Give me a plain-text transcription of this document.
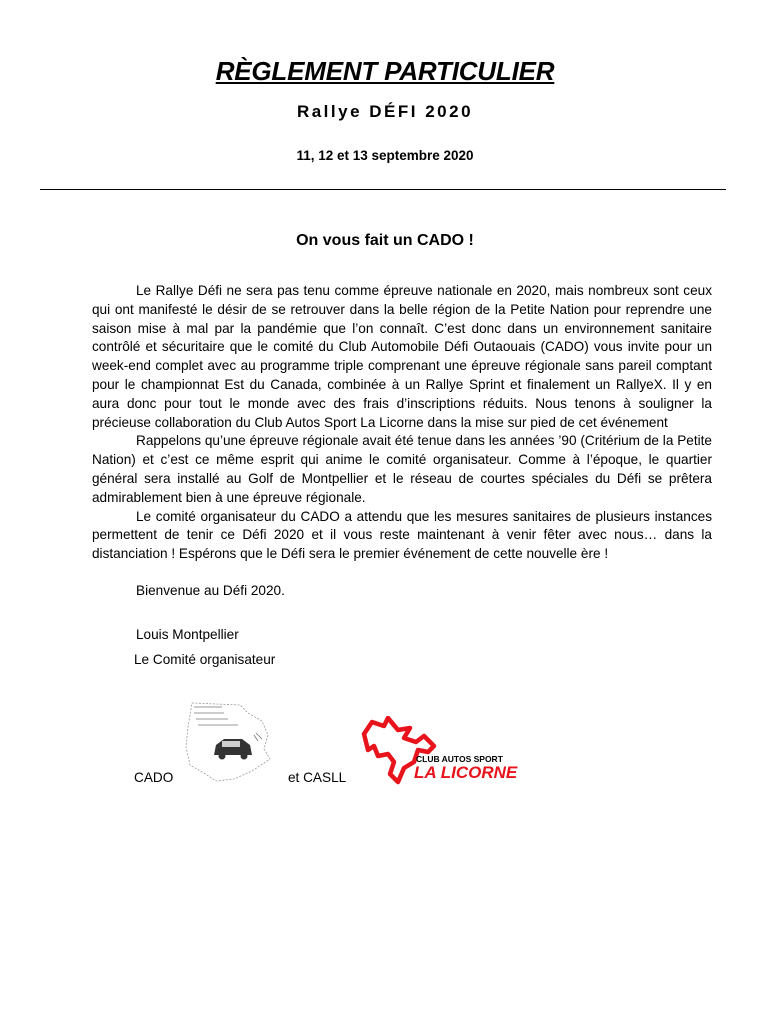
RÈGLEMENT PARTICULIER
Rallye DÉFI 2020
11, 12 et 13 septembre 2020
On vous fait un CADO !

Le Rallye Défi ne sera pas tenu comme épreuve nationale en 2020, mais nombreux sont ceux qui ont manifesté le désir de se retrouver dans la belle région de la Petite Nation pour reprendre une saison mise à mal par la pandémie que l’on connaît. C’est donc dans un environnement sanitaire contrôlé et sécuritaire que le comité du Club Automobile Défi Outaouais (CADO) vous invite pour un week-end complet avec au programme triple comprenant une épreuve régionale sans pareil comptant pour le championnat Est du Canada, combinée à un Rallye Sprint et finalement un RallyeX. Il y en aura donc pour tout le monde avec des frais d’inscriptions réduits. Nous tenons à souligner la précieuse collaboration du Club Autos Sport La Licorne dans la mise sur pied de cet événement

Rappelons qu’une épreuve régionale avait été tenue dans les années ’90 (Critérium de la Petite Nation) et c’est ce même esprit qui anime le comité organisateur. Comme à l’époque, le quartier général sera installé au Golf de Montpellier et le réseau de courtes spéciales du Défi se prêtera admirablement bien à une épreuve régionale.

Le comité organisateur du CADO a attendu que les mesures sanitaires de plusieurs instances permettent de tenir ce Défi 2020 et il vous reste maintenant à venir fêter avec nous… dans la distanciation ! Espérons que le Défi sera le premier événement de cette nouvelle ère !

Bienvenue au Défi 2020.
Louis Montpellier
Le Comité organisateur
CADO	et CASLL
CLUB AUTOS SPORT
LA LICORNE
